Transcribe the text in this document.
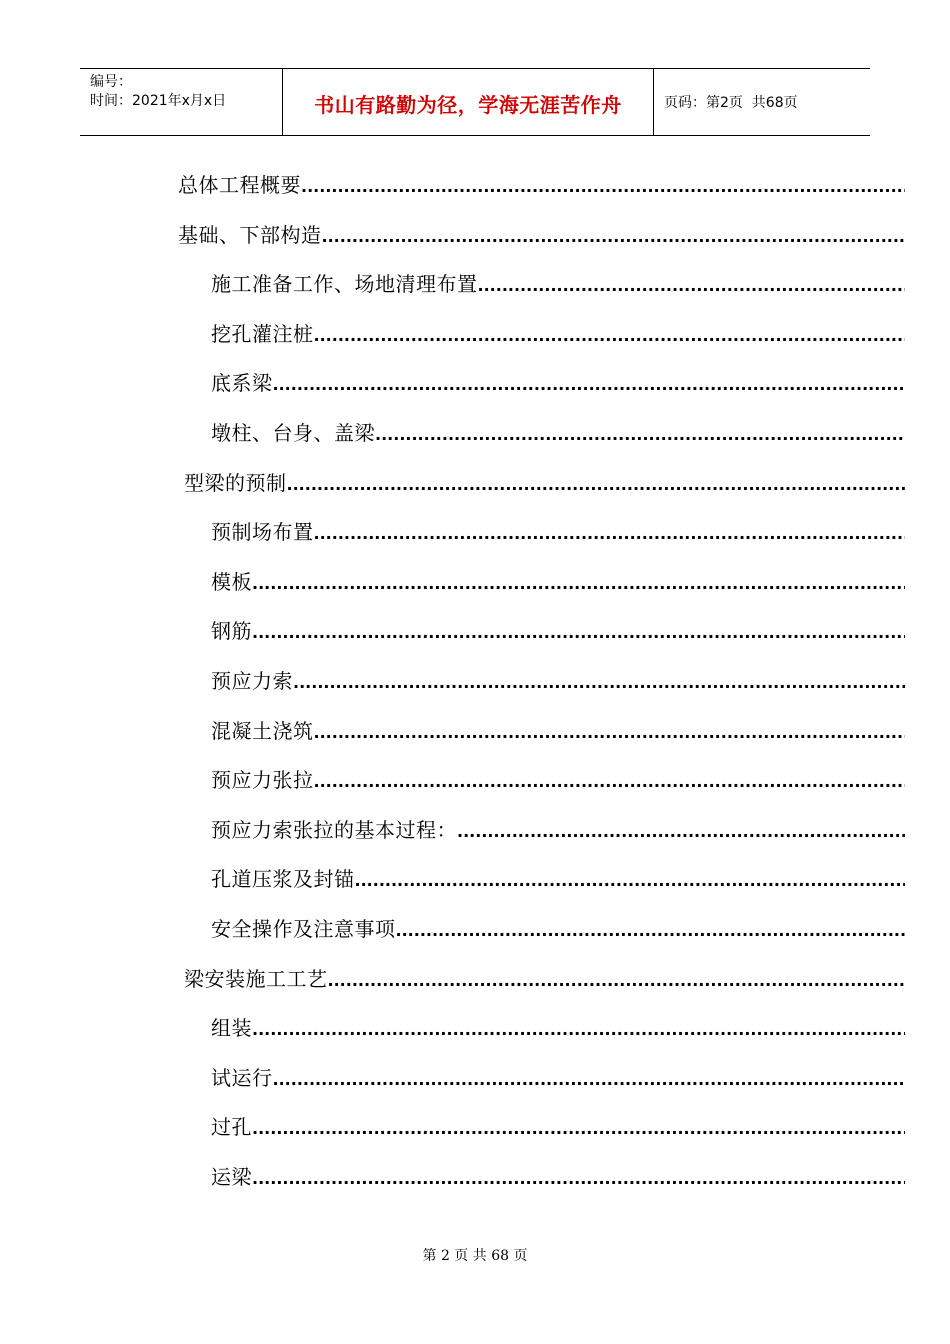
编号：
时间：2021年x月x日	书山有路勤为径，学海无涯苦作舟	页码：第2页  共68页
总体工程概要
.....
基础、下部构造
.....
施工准备工作、场地清理布置
.....
挖孔灌注桩
.....
底系梁
.....
墩柱、台身、盖梁
.....
型梁的预制
.....
预制场布置
.....
模板
.....
钢筋
.....
预应力索
.....
混凝土浇筑
.....
预应力张拉
.....
预应力索张拉的基本过程：
.....
孔道压浆及封锚
.....
安全操作及注意事项
.....
梁安装施工工艺
.....
组装
.....
试运行
.....
过孔
.....
运梁
.....
第 2 页 共 68 页
